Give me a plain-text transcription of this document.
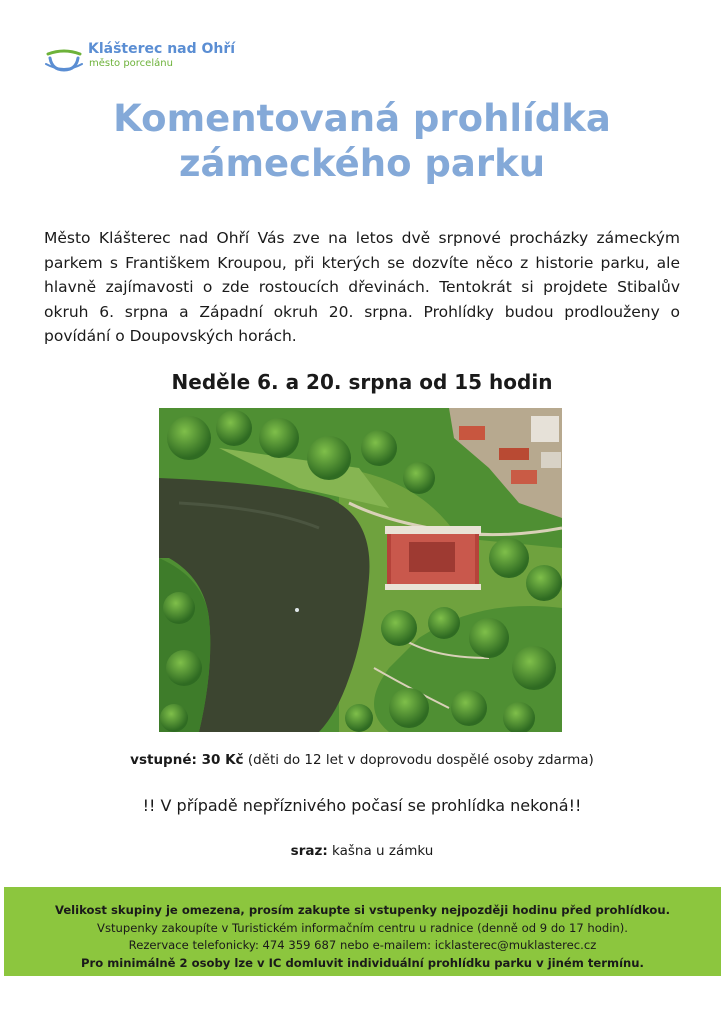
Klášterec nad Ohří
město porcelánu
Komentovaná prohlídka
zámeckého parku

Město Klášterec nad Ohří Vás zve na letos dvě srpnové procházky zámeckým parkem s Františkem Kroupou, při kterých se dozvíte něco z historie parku, ale hlavně zajímavosti o zde rostoucích dřevinách. Tentokrát si projdete Stibalův okruh 6. srpna a Západní okruh 20. srpna. Prohlídky budou prodlouženy o povídání o Doupovských horách.

Neděle 6. a 20. srpna od 15 hodin

vstupné: 30 Kč (děti do 12 let v doprovodu dospělé osoby zdarma)

!! V případě nepříznivého počasí se prohlídka nekoná!!

sraz: kašna u zámku

Velikost skupiny je omezena, prosím zakupte si vstupenky nejpozději hodinu před prohlídkou.
Vstupenky zakoupíte v Turistickém informačním centru u radnice (denně od 9 do 17 hodin).
Rezervace telefonicky: 474 359 687 nebo e-mailem: icklasterec@muklasterec.cz
Pro minimálně 2 osoby lze v IC domluvit individuální prohlídku parku v jiném termínu.
